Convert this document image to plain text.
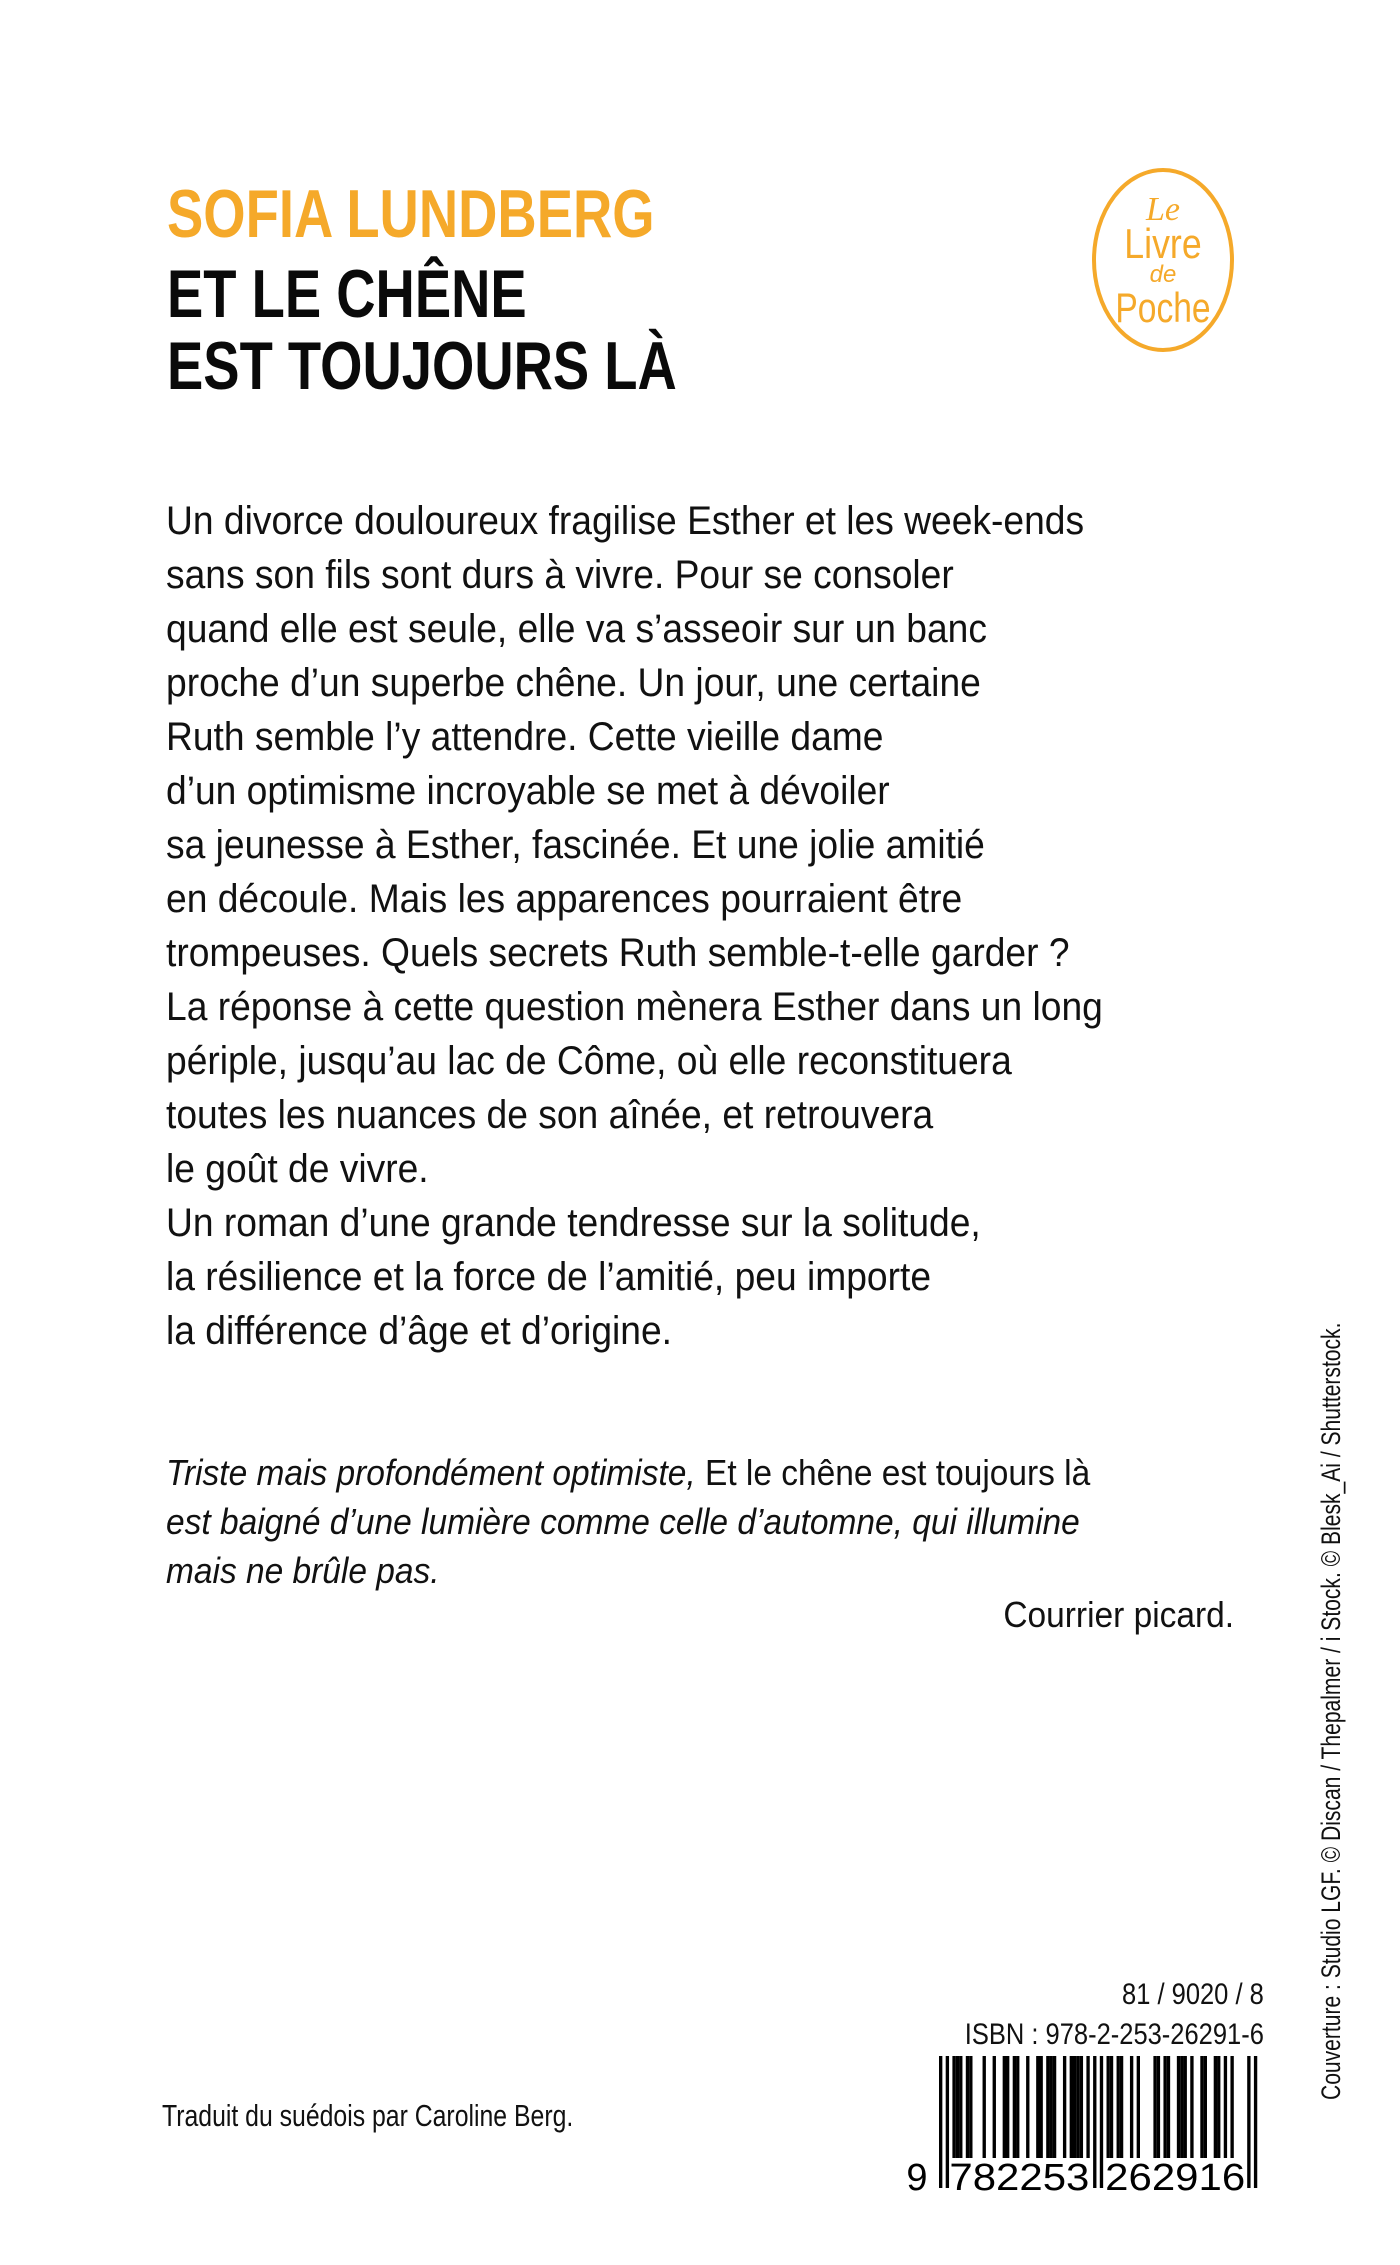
SOFIA LUNDBERG
ET LE CHÊNE
EST TOUJOURS LÀ
Le
Livre
de
Poche
Un divorce douloureux fragilise Esther et les week-ends
sans son fils sont durs à vivre. Pour se consoler
quand elle est seule, elle va s’asseoir sur un banc
proche d’un superbe chêne. Un jour, une certaine
Ruth semble l’y attendre. Cette vieille dame
d’un optimisme incroyable se met à dévoiler
sa jeunesse à Esther, fascinée. Et une jolie amitié
en découle. Mais les apparences pourraient être
trompeuses. Quels secrets Ruth semble-t-elle garder ?
La réponse à cette question mènera Esther dans un long
périple, jusqu’au lac de Côme, où elle reconstituera
toutes les nuances de son aînée, et retrouvera
le goût de vivre.
Un roman d’une grande tendresse sur la solitude,
la résilience et la force de l’amitié, peu importe
la différence d’âge et d’origine.
Triste mais profondément optimiste, Et le chêne est toujours là
est baigné d’une lumière comme celle d’automne, qui illumine
mais ne brûle pas.
Courrier picard.
Traduit du suédois par Caroline Berg.
81 / 9020 / 8
ISBN : 978-2-253-26291-6
9 782253 262916
Couverture : Studio LGF. © Discan / Thepalmer / i Stock. © Blesk_Ai / Shutterstock.
